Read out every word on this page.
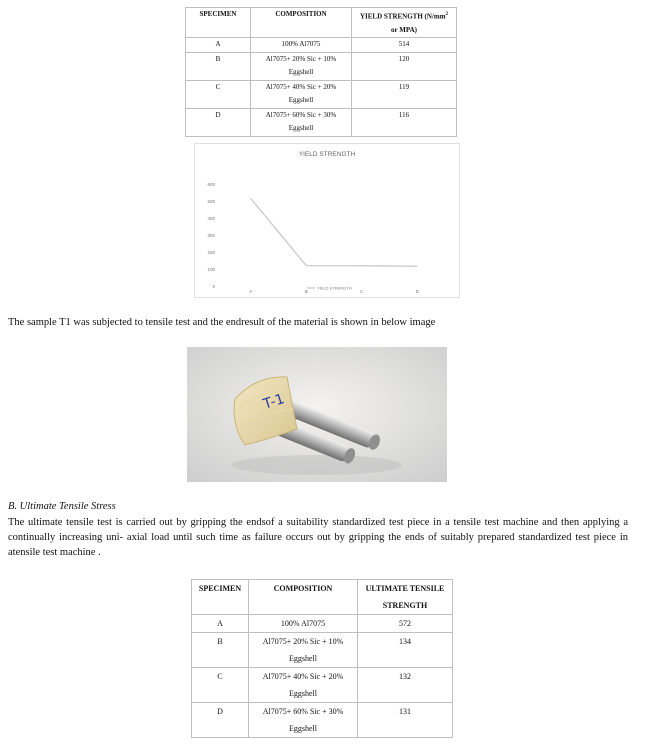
SPECIMEN	COMPOSITION	YIELD STRENGTH ($N/mm^2$
or MPA)
A	100% Al7075	514
B	Al7075+ 20% Sic + 10%
Eggshell	120
C	Al7075+ 40% Sic + 20%
Eggshell	119
D	Al7075+ 60% Sic + 30%
Eggshell	116
YIELD STRENGTH
0
100
200
300
400
500
600
A	B	C	D
YIELD STRENGTH
The sample T1 was subjected to tensile test and the endresult of the material is shown in below image
T-1
B. Ultimate Tensile Stress
The ultimate tensile test is carried out by gripping the endsof a suitability standardized test piece in a tensile test machine and then applying a continually increasing uni- axial load until such time as failure occurs out by gripping the ends of suitably prepared standardized test piece in atensile test machine .
SPECIMEN	COMPOSITION	ULTIMATE TENSILE
STRENGTH
A	100% Al7075	572
B	Al7075+ 20% Sic + 10%
Eggshell	134
C	Al7075+ 40% Sic + 20%
Eggshell	132
D	Al7075+ 60% Sic + 30%
Eggshell	131
